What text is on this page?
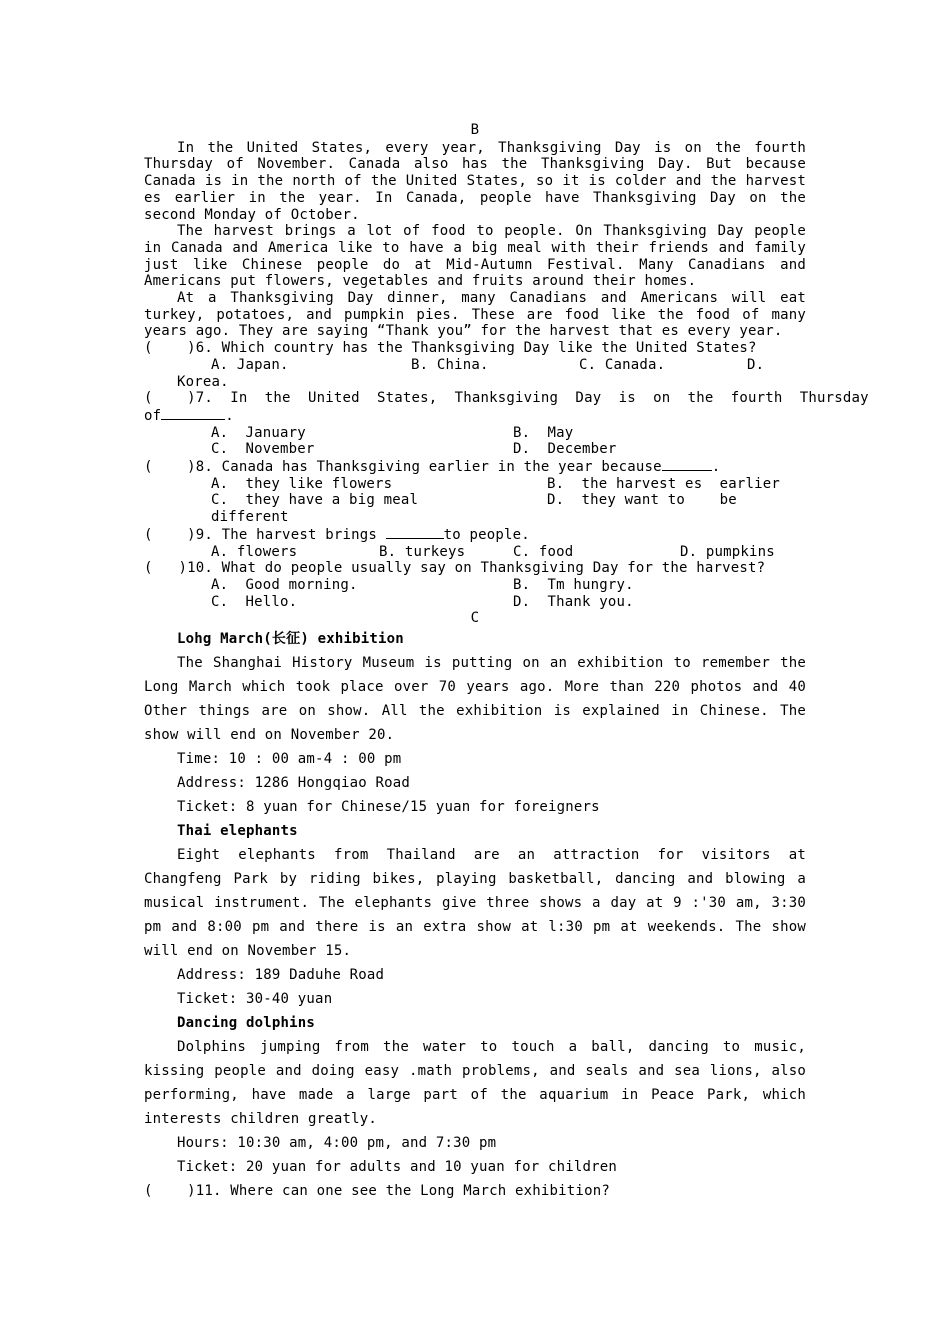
B
In the United States, every year, Thanksgiving Day is on the fourth Thursday of November. Canada also has the Thanksgiving Day. But because Canada is in the north of the United States, so it is colder and the harvest es earlier in the year. In Canada, people have Thanksgiving Day on the second Monday of October.
The harvest brings a lot of food to people. On Thanksgiving Day people in Canada and America like to have a big meal with their friends and family just like Chinese people do at Mid-Autumn Festival. Many Canadians and Americans put flowers, vegetables and fruits around their homes.
At a Thanksgiving Day dinner, many Canadians and Americans will eat turkey, potatoes, and pumpkin pies. These are food like the food of many years ago. They are saying “Thank you” for the harvest that es every year.
(    )6. Which country has the Thanksgiving Day like the United States?
A. Japan.	B. China.	C. Canada.	D.
Korea.
(    )7.  In  the  United  States,  Thanksgiving  Day  is  on  the  fourth  Thursday
of	.
A.  January	B.  May
C.  November	D.  December
(    )8. Canada has Thanksgiving earlier in the year because	.
A.  they like flowers	B.  the harvest es  earlier
C.  they have a big meal	D.  they want to    be
different
(    )9. The harvest brings	to people.
A. flowers	B. turkeys	C. food	D. pumpkins
(   )10. What do people usually say on Thanksgiving Day for the harvest?
A.  Good morning.	B.  Tm hungry.
C.  Hello.	D.  Thank you.
C
Lohg March(长征) exhibition
The Shanghai History Museum is putting on an exhibition to remember the Long March which took place over 70 years ago. More than 220 photos and 40 Other things are on show. All the exhibition is explained in Chinese. The show will end on November 20.
Time: 10 : 00 am-4 : 00 pm
Address: 1286 Hongqiao Road
Ticket: 8 yuan for Chinese/15 yuan for foreigners
Thai elephants
Eight elephants from Thailand are an attraction for visitors at Changfeng Park by riding bikes, playing basketball, dancing and blowing a musical instrument. The elephants give three shows a day at 9 :'30 am, 3:30 pm and 8:00 pm and there is an extra show at l:30 pm at weekends. The show will end on November 15.
Address: 189 Daduhe Road
Ticket: 30-40 yuan
Dancing dolphins
Dolphins jumping from the water to touch a ball, dancing to music, kissing people and doing easy .math problems, and seals and sea lions, also performing, have made a large part of the aquarium in Peace Park, which interests children greatly.
Hours: 10:30 am, 4:00 pm, and 7:30 pm
Ticket: 20 yuan for adults and 10 yuan for children
(    )11. Where can one see the Long March exhibition?
